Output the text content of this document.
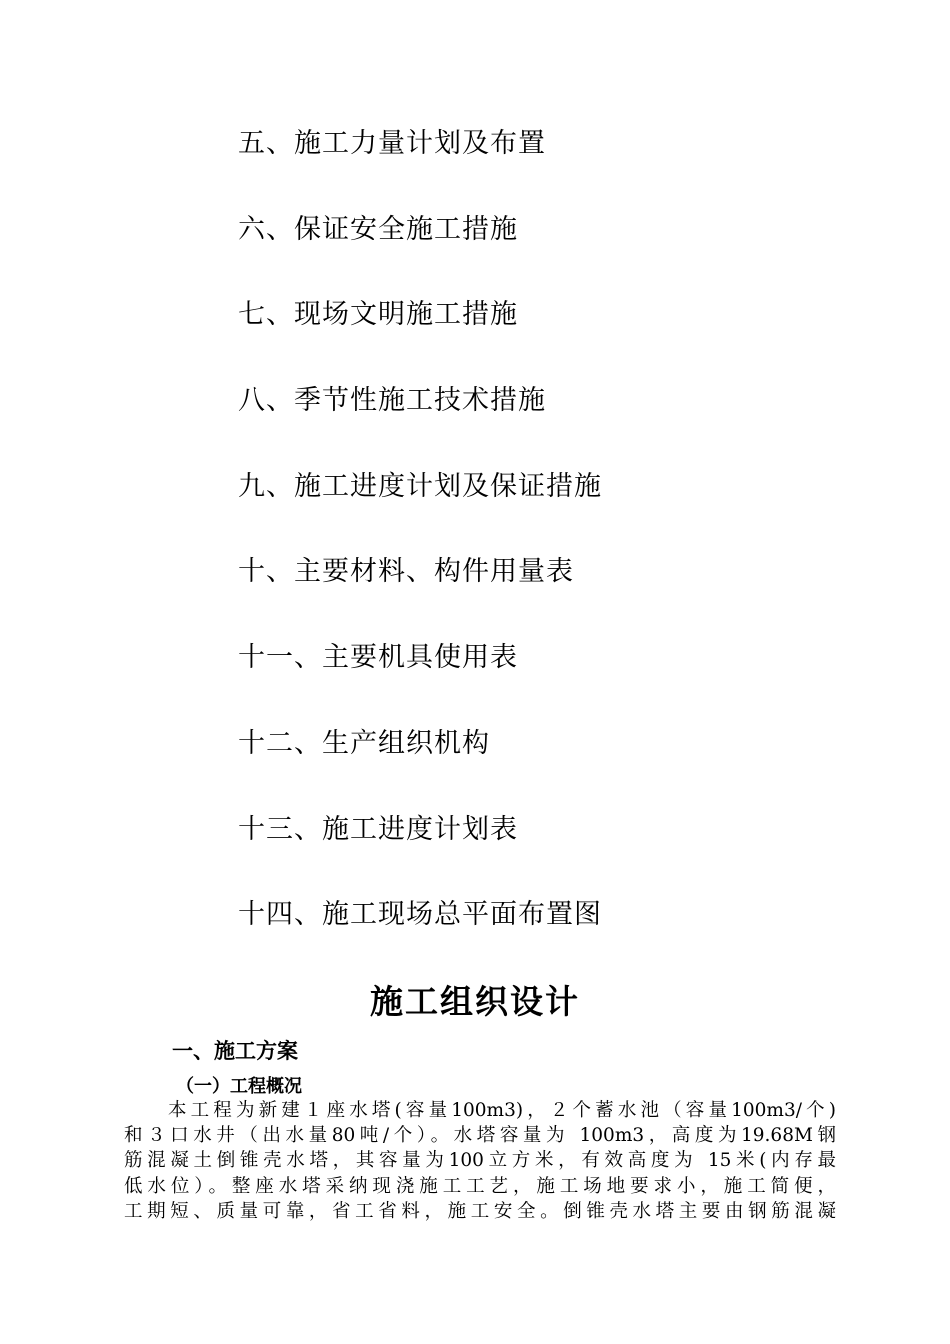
五、施工力量计划及布置
六、保证安全施工措施
七、现场文明施工措施
八、季节性施工技术措施
九、施工进度计划及保证措施
十、主要材料、构件用量表
十一、主要机具使用表
十二、生产组织机构
十三、施工进度计划表
十四、施工现场总平面布置图
施工组织设计
一、施工方案
（一）工程概况
本工程为新建１座水塔(容量100m3)，２个蓄水池（容量100m3/个)
和３口水井（出水量80吨/个）。水塔容量为 100m3，高度为19.68M钢
筋混凝土倒锥壳水塔，其容量为100立方米，有效高度为 15米(内存最
低水位）。整座水塔采纳现浇施工工艺，施工场地要求小，施工简便，
工期短、质量可靠，省工省料，施工安全。倒锥壳水塔主要由钢筋混凝
